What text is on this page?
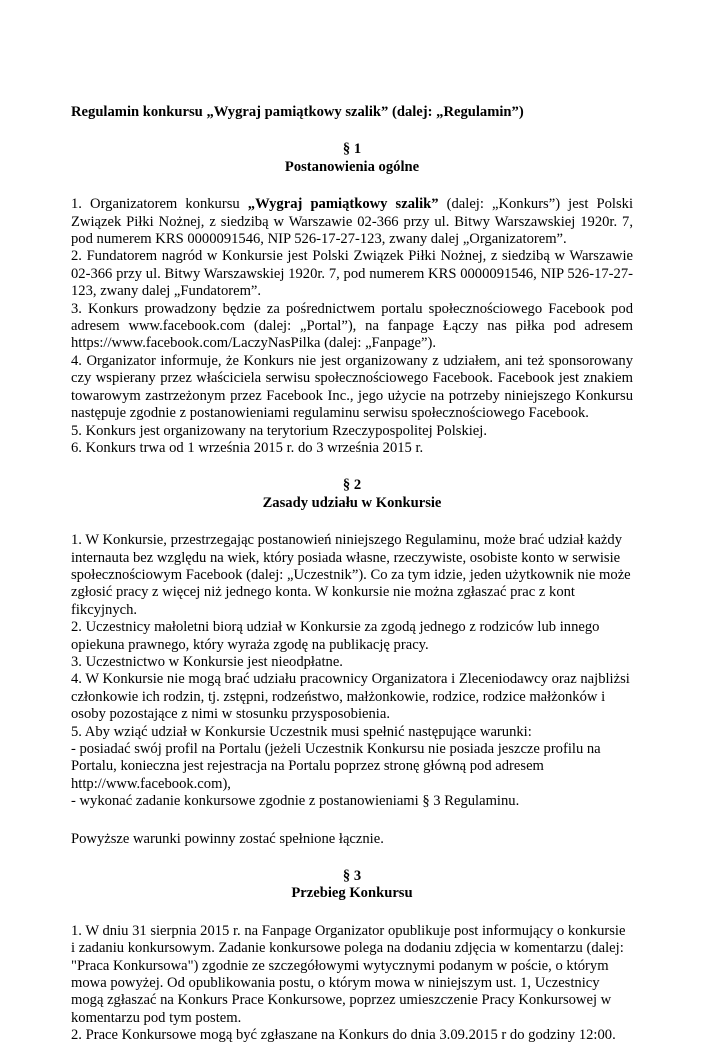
Regulamin konkursu „Wygraj pamiątkowy szalik” (dalej: „Regulamin”)

§ 1

Postanowienia ogólne

1. Organizatorem konkursu „Wygraj pamiątkowy szalik” (dalej: „Konkurs”) jest Polski Związek Piłki Nożnej, z siedzibą w Warszawie 02-366 przy ul. Bitwy Warszawskiej 1920r. 7, pod numerem KRS 0000091546, NIP 526-17-27-123, zwany dalej „Organizatorem”.

2. Fundatorem nagród w Konkursie jest Polski Związek Piłki Nożnej, z siedzibą w Warszawie 02-366 przy ul. Bitwy Warszawskiej 1920r. 7, pod numerem KRS 0000091546, NIP 526-17-27-123, zwany dalej „Fundatorem”.

3. Konkurs prowadzony będzie za pośrednictwem portalu społecznościowego Facebook pod adresem www.facebook.com (dalej: „Portal”), na fanpage Łączy nas piłka pod adresem https://www.facebook.com/LaczyNasPilka (dalej: „Fanpage”).

4. Organizator informuje, że Konkurs nie jest organizowany z udziałem, ani też sponsorowany czy wspierany przez właściciela serwisu społecznościowego Facebook. Facebook jest znakiem towarowym zastrzeżonym przez Facebook Inc., jego użycie na potrzeby niniejszego Konkursu następuje zgodnie z postanowieniami regulaminu serwisu społecznościowego Facebook.

5. Konkurs jest organizowany na terytorium Rzeczypospolitej Polskiej.

6. Konkurs trwa od 1 września 2015 r. do 3 września 2015 r.

§ 2

Zasady udziału w Konkursie

1. W Konkursie, przestrzegając postanowień niniejszego Regulaminu, może brać udział każdy internauta bez względu na wiek, który posiada własne, rzeczywiste, osobiste konto w serwisie społecznościowym Facebook (dalej: „Uczestnik”). Co za tym idzie, jeden użytkownik nie może zgłosić pracy z więcej niż jednego konta. W konkursie nie można zgłaszać prac z kont fikcyjnych.

2. Uczestnicy małoletni biorą udział w Konkursie za zgodą jednego z rodziców lub innego opiekuna prawnego, który wyraża zgodę na publikację pracy.

3. Uczestnictwo w Konkursie jest nieodpłatne.

4. W Konkursie nie mogą brać udziału pracownicy Organizatora i Zleceniodawcy oraz najbliżsi członkowie ich rodzin, tj. zstępni, rodzeństwo, małżonkowie, rodzice, rodzice małżonków i osoby pozostające z nimi w stosunku przysposobienia.

5. Aby wziąć udział w Konkursie Uczestnik musi spełnić następujące warunki:

- posiadać swój profil na Portalu (jeżeli Uczestnik Konkursu nie posiada jeszcze profilu na Portalu, konieczna jest rejestracja na Portalu poprzez stronę główną pod adresem http://www.facebook.com),

- wykonać zadanie konkursowe zgodnie z postanowieniami § 3 Regulaminu.

Powyższe warunki powinny zostać spełnione łącznie.

§ 3

Przebieg Konkursu

1. W dniu 31 sierpnia 2015 r. na Fanpage Organizator opublikuje post informujący o konkursie i zadaniu konkursowym. Zadanie konkursowe polega na dodaniu zdjęcia w komentarzu (dalej: "Praca Konkursowa") zgodnie ze szczegółowymi wytycznymi podanym w poście, o którym mowa powyżej. Od opublikowania postu, o którym mowa w niniejszym ust. 1, Uczestnicy mogą zgłaszać na Konkurs Prace Konkursowe, poprzez umieszczenie Pracy Konkursowej w komentarzu pod tym postem.

2. Prace Konkursowe mogą być zgłaszane na Konkurs do dnia 3.09.2015 r do godziny 12:00.
